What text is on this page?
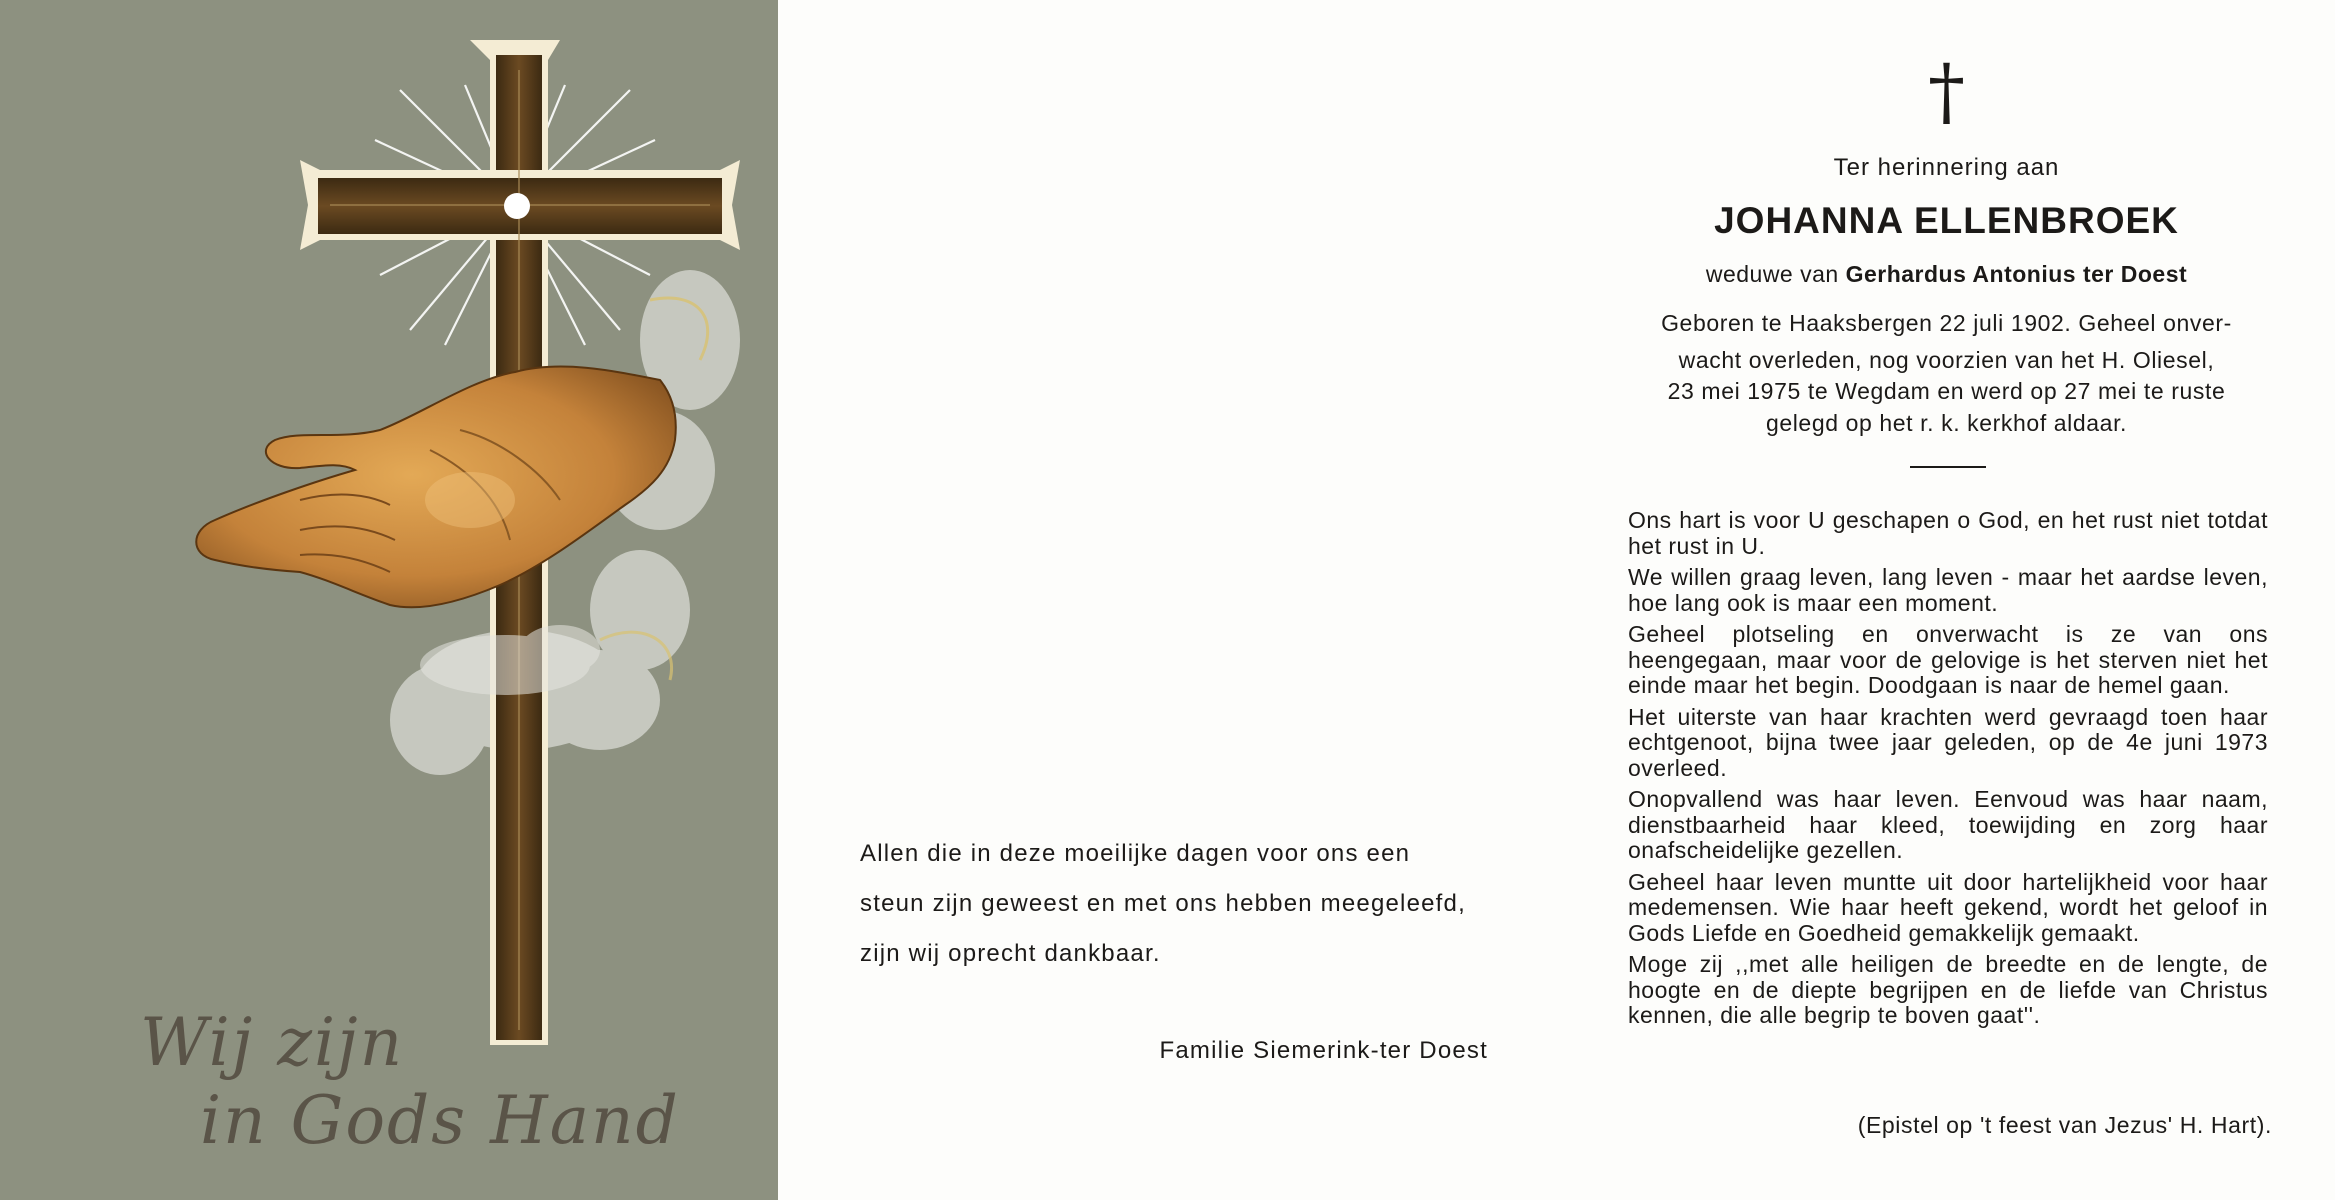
Wij zijn
in Gods Hand

Allen die in deze moeilijke dagen voor ons een

steun zijn geweest en met ons hebben meegeleefd,

zijn wij oprecht dankbaar.

Familie Siemerink-ter Doest
†
Ter herinnering aan
JOHANNA ELLENBROEK
weduwe van Gerhardus Antonius ter Doest

Geboren te Haaksbergen 22 juli 1902. Geheel onver-

wacht overleden, nog voorzien van het H. Oliesel,

23 mei 1975 te Wegdam en werd op 27 mei te ruste

gelegd op het r. k. kerkhof aldaar.

Ons hart is voor U geschapen o God, en het rust niet totdat het rust in U.

We willen graag leven, lang leven - maar het aardse leven, hoe lang ook is maar een moment.

Geheel plotseling en onverwacht is ze van ons heengegaan, maar voor de gelovige is het sterven niet het einde maar het begin. Doodgaan is naar de hemel gaan.

Het uiterste van haar krachten werd gevraagd toen haar echtgenoot, bijna twee jaar geleden, op de 4e juni 1973 overleed.

Onopvallend was haar leven. Eenvoud was haar naam, dienstbaarheid haar kleed, toewijding en zorg haar onafscheidelijke gezellen.

Geheel haar leven muntte uit door hartelijkheid voor haar medemensen. Wie haar heeft gekend, wordt het geloof in Gods Liefde en Goedheid gemakkelijk gemaakt.

Moge zij ,,met alle heiligen de breedte en de lengte, de hoogte en de diepte begrijpen en de liefde van Christus kennen, die alle begrip te boven gaat''.

(Epistel op 't feest van Jezus' H. Hart).
